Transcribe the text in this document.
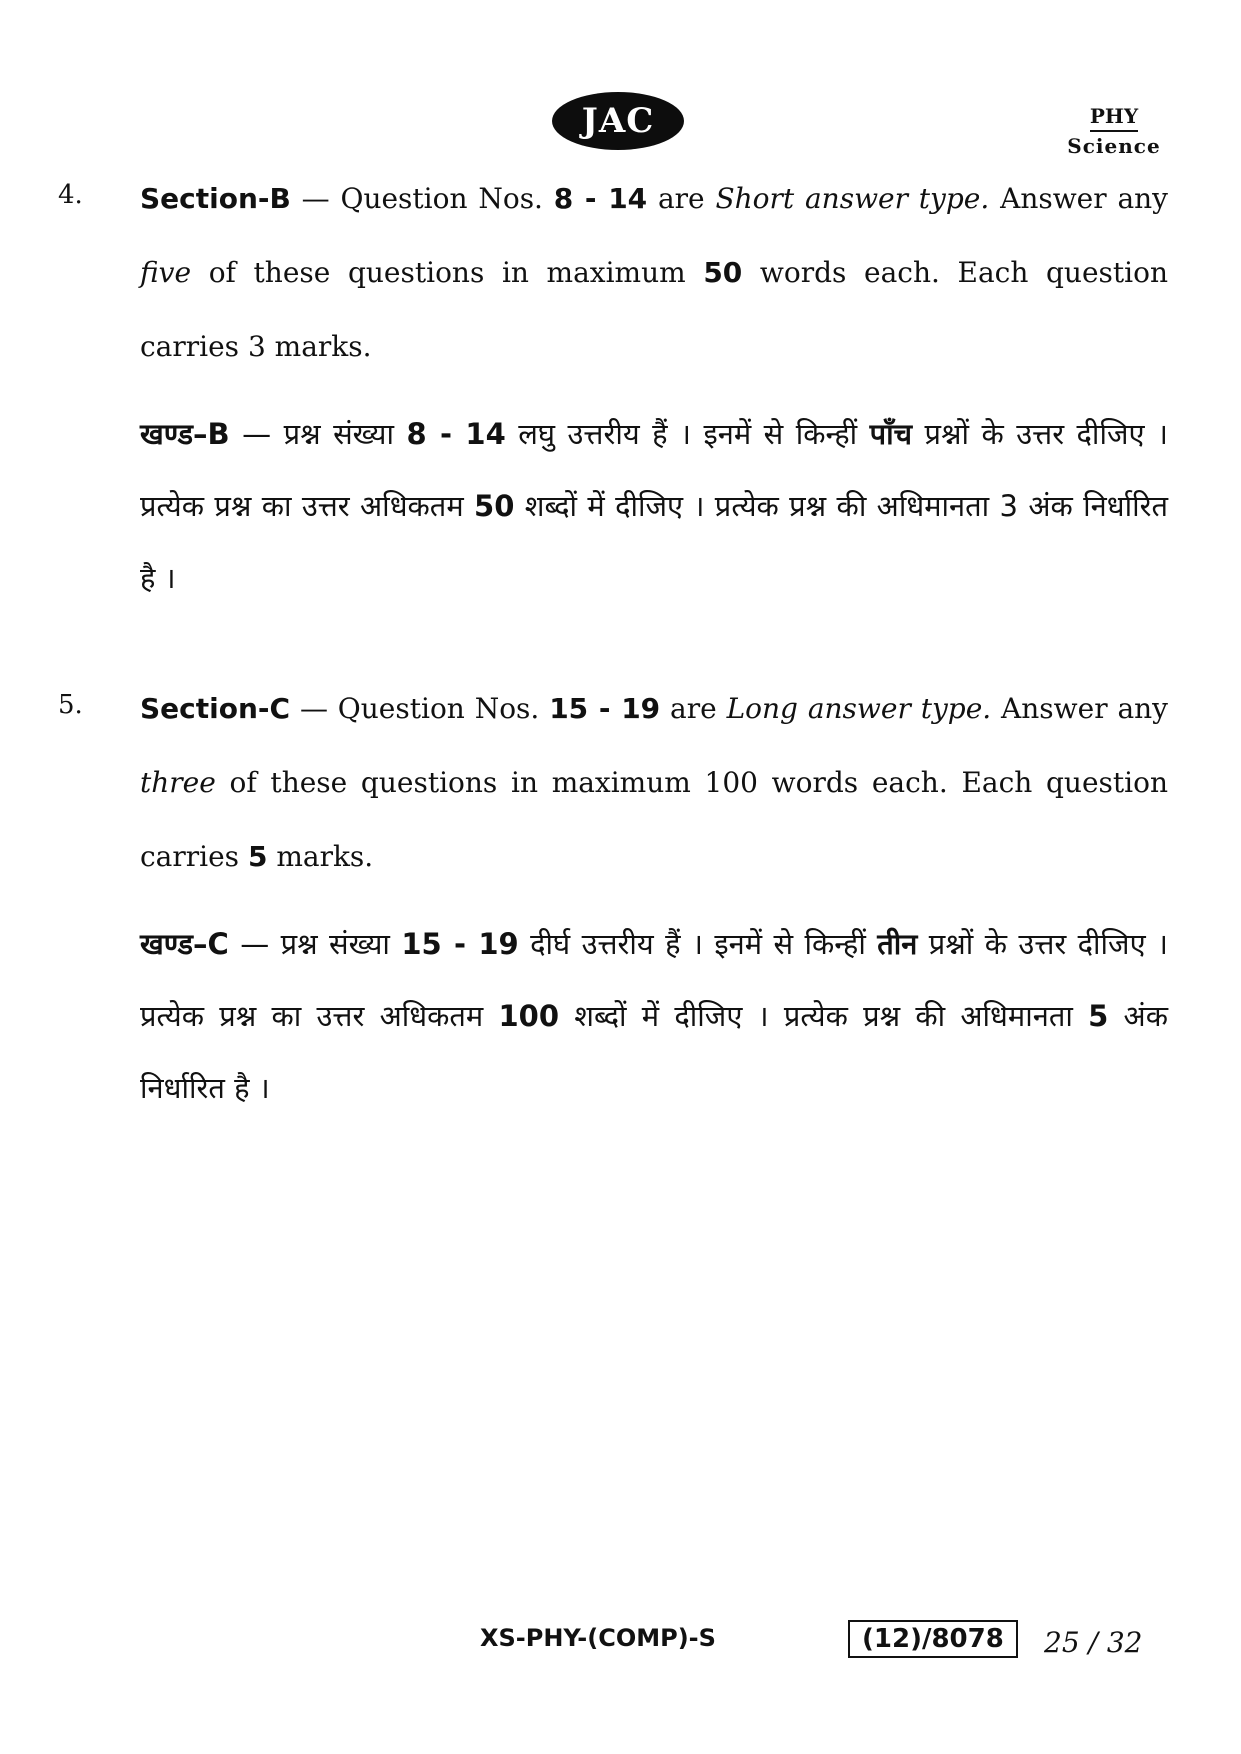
JAC	PHY
Science
4. Section-B — Question Nos. 8 - 14 are Short answer type. Answer any five of these questions in maximum 50 words each. Each question carries 3 marks.
खण्ड–B — प्रश्न संख्या 8 - 14 लघु उत्तरीय हैं । इनमें से किन्हीं पाँच प्रश्नों के उत्तर दीजिए । प्रत्येक प्रश्न का उत्तर अधिकतम 50 शब्दों में दीजिए । प्रत्येक प्रश्न की अधिमानता 3 अंक निर्धारित है ।
5. Section-C — Question Nos. 15 - 19 are Long answer type. Answer any three of these questions in maximum 100 words each. Each question carries 5 marks.
खण्ड–C — प्रश्न संख्या 15 - 19 दीर्घ उत्तरीय हैं । इनमें से किन्हीं तीन प्रश्नों के उत्तर दीजिए । प्रत्येक प्रश्न का उत्तर अधिकतम 100 शब्दों में दीजिए । प्रत्येक प्रश्न की अधिमानता 5 अंक निर्धारित है ।
XS-PHY-(COMP)-S	(12)/8078	25 / 32
